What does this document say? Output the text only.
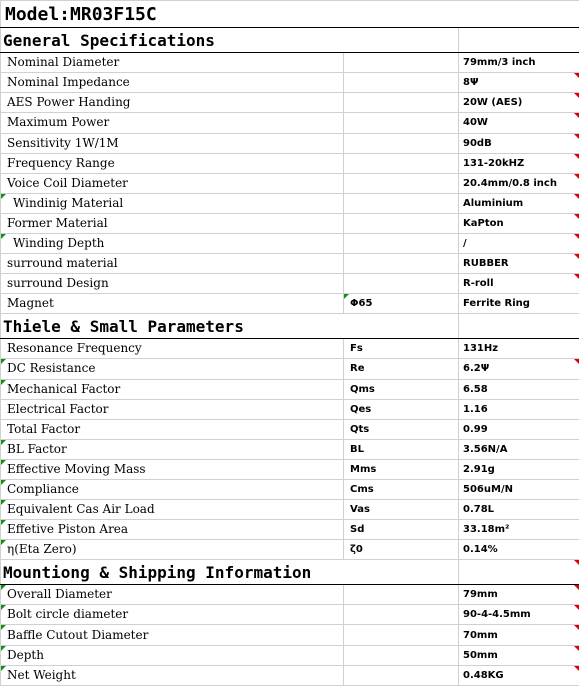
Model:MR03F15C		
General Specifications		
Nominal Diameter		79mm/3 inch
Nominal Impedance		8Ψ

AES Power Handing		20W (AES)

Maximum Power		40W

Sensitivity 1W/1M		90dB

Frequency Range		131-20kHZ

Voice Coil Diameter		20.4mm/0.8 inch

Windinig Material		Aluminium

Former Material		KaPton

Winding Depth		/

surround material		RUBBER

surround Design		R-roll

Magnet	Φ65	Ferrite Ring
Thiele & Small Parameters		
Resonance Frequency	Fs	131Hz

DC Resistance	Re	6.2Ψ

Mechanical Factor	Qms	6.58
Electrical Factor	Qes	1.16
Total Factor	Qts	0.99

BL Factor	BL	3.56N/A

Effective Moving Mass	Mms	2.91g

Compliance	Cms	506uM/N

Equivalent Cas Air Load	Vas	0.78L

Effetive Piston Area	Sd	33.18m²

η(Eta Zero)	ζ0	0.14%
Mountiong & Shipping Information		

Overall Diameter		79mm

Bolt circle diameter		90-4-4.5mm

Baffle Cutout Diameter		70mm

Depth		50mm

Net Weight		0.48KG
